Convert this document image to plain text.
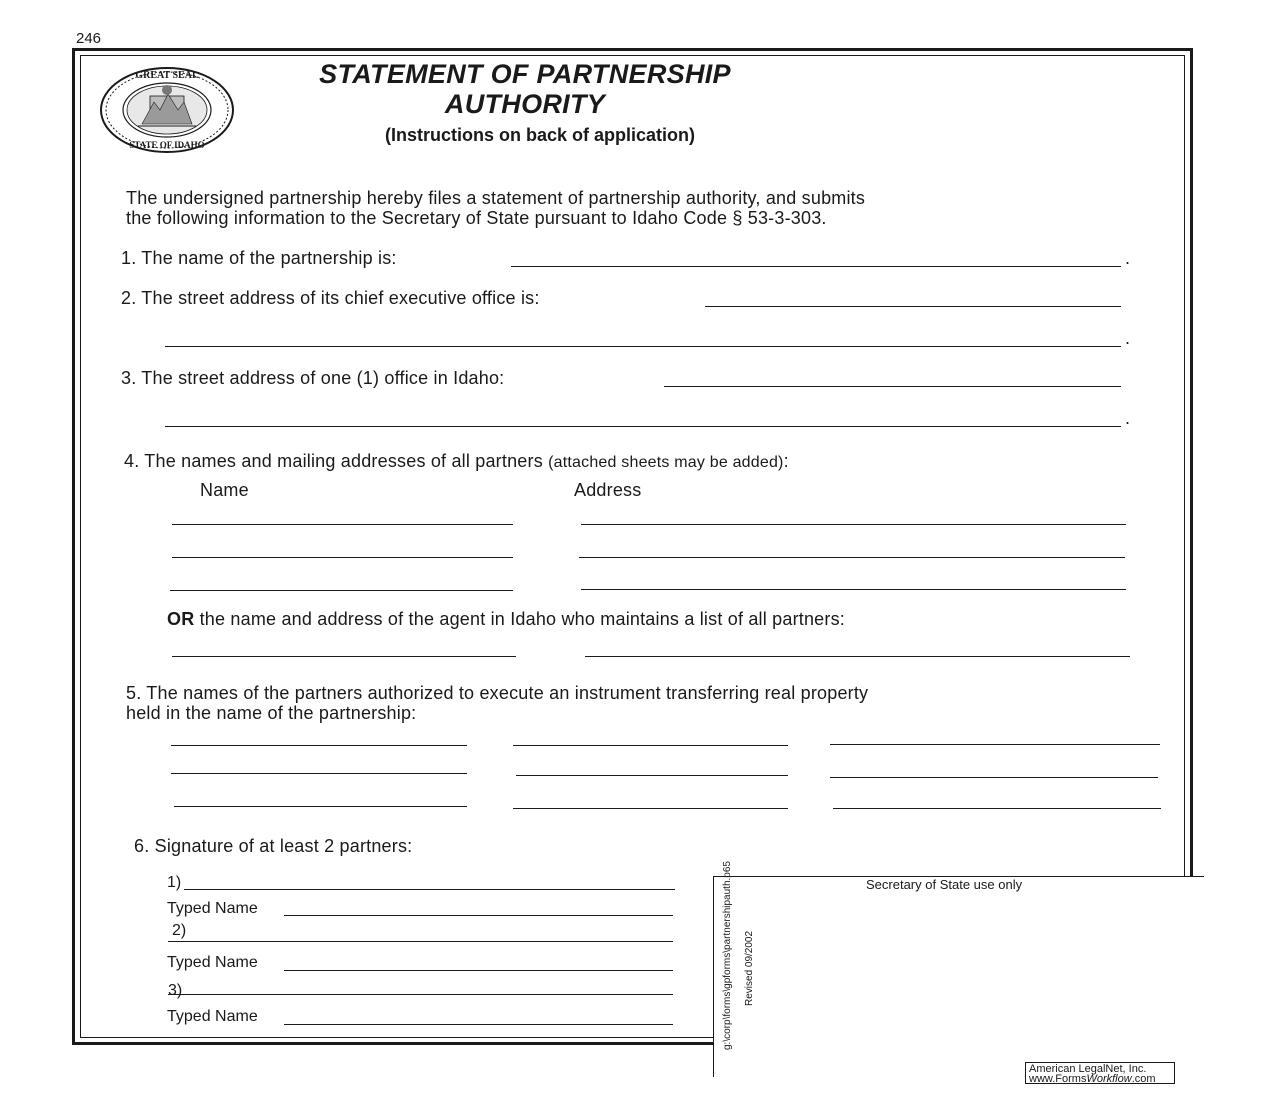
246
GREAT SEAL
STATE OF IDAHO
STATEMENT OF PARTNERSHIP
AUTHORITY
(Instructions on back of application)
The undersigned partnership hereby files a statement of partnership authority, and submits
the following information to the Secretary of State pursuant to Idaho Code § 53-3-303.
1. The name of the partnership is:	.
2. The street address of its chief executive office is:
.
3. The street address of one (1) office in Idaho:
.
4. The names and mailing addresses of all partners (attached sheets may be added):
Name	Address
OR the name and address of the agent in Idaho who maintains a list of all partners:
5. The names of the partners authorized to execute an instrument transferring real property
held in the name of the partnership:
6. Signature of at least 2 partners:
1)
Typed Name
2)
Typed Name
3)
Typed Name
Secretary of State use only
g:\corp\forms\gpforms\partnershipauth.p65 Revised 09/2002
American LegalNet, Inc.
www.FormsWorkflow.com
